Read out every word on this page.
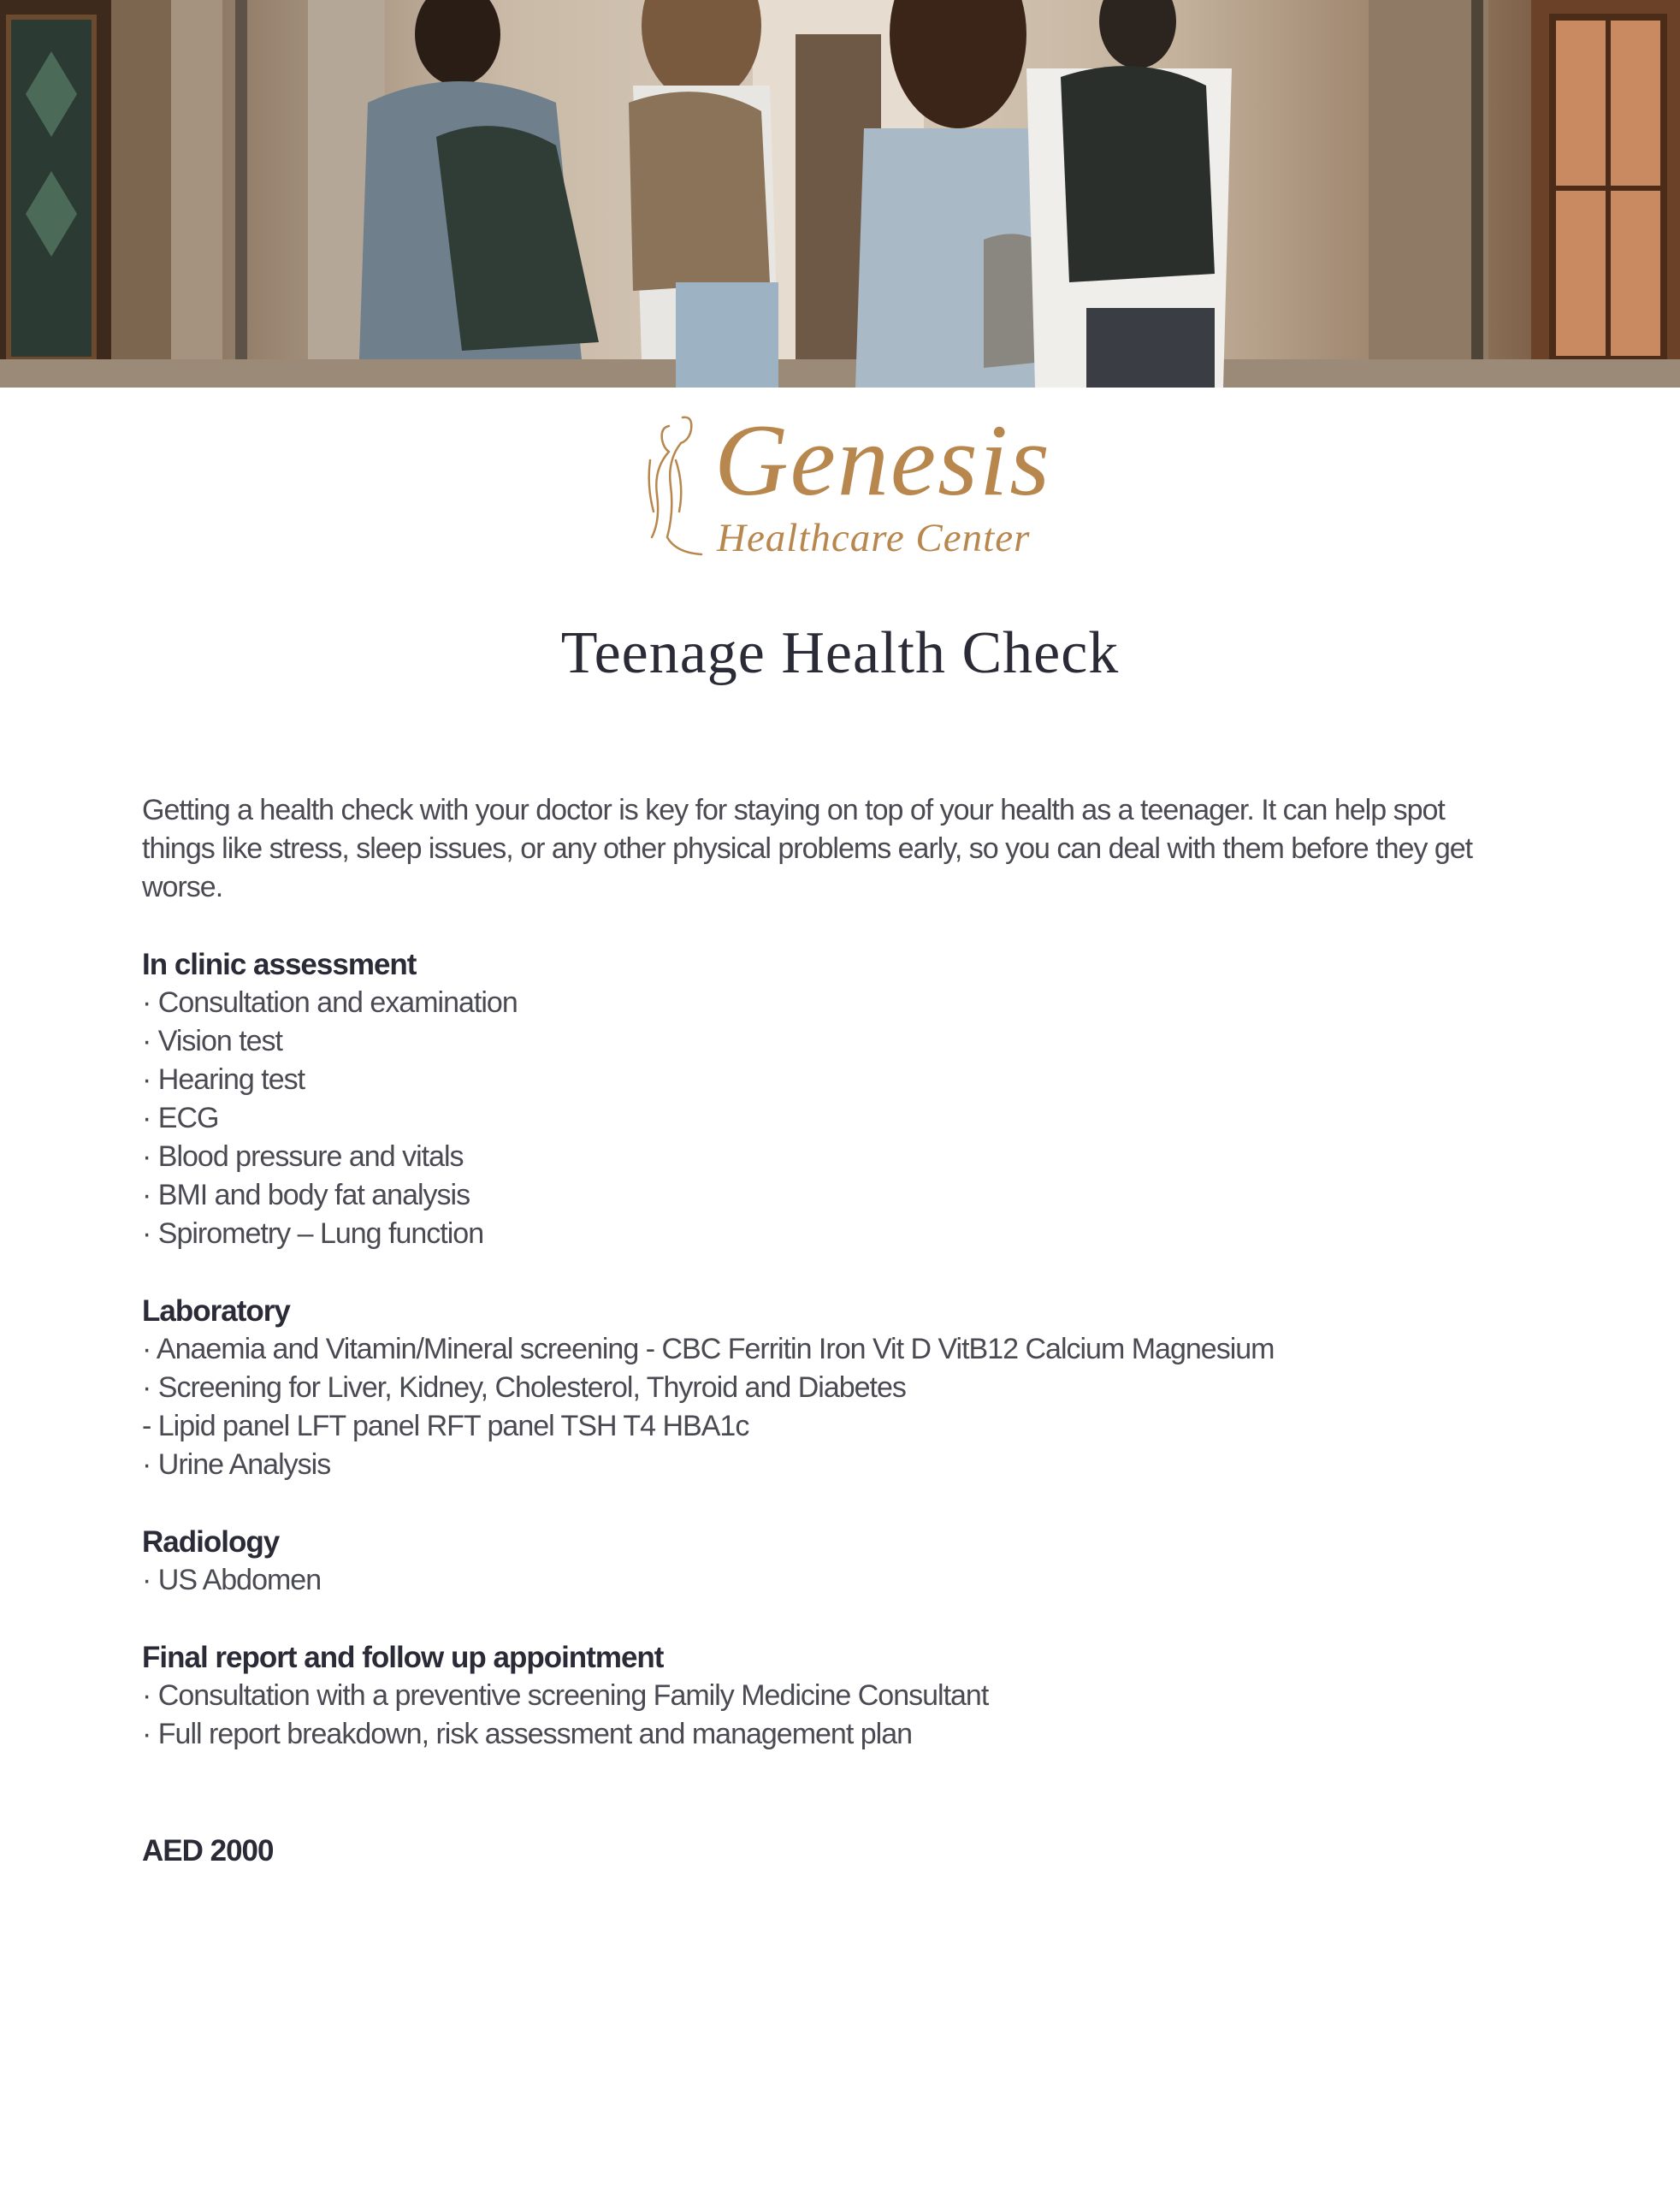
Genesis
Healthcare Center
Teenage Health Check

Getting a health check with your doctor is key for staying on top of your health as a teenager. It can help spot things like stress, sleep issues, or any other physical problems early, so you can deal with them before they get worse.

In clinic assessment
· Consultation and examination
· Vision test
· Hearing test
· ECG
· Blood pressure and vitals
· BMI and body fat analysis
· Spirometry – Lung function
Laboratory
· Anaemia and Vitamin/Mineral screening - CBC Ferritin Iron Vit D VitB12 Calcium Magnesium
· Screening for Liver, Kidney, Cholesterol, Thyroid and Diabetes
- Lipid panel LFT panel RFT panel TSH T4 HBA1c
· Urine Analysis
Radiology
· US Abdomen
Final report and follow up appointment
· Consultation with a preventive screening Family Medicine Consultant
· Full report breakdown, risk assessment and management plan
AED 2000
